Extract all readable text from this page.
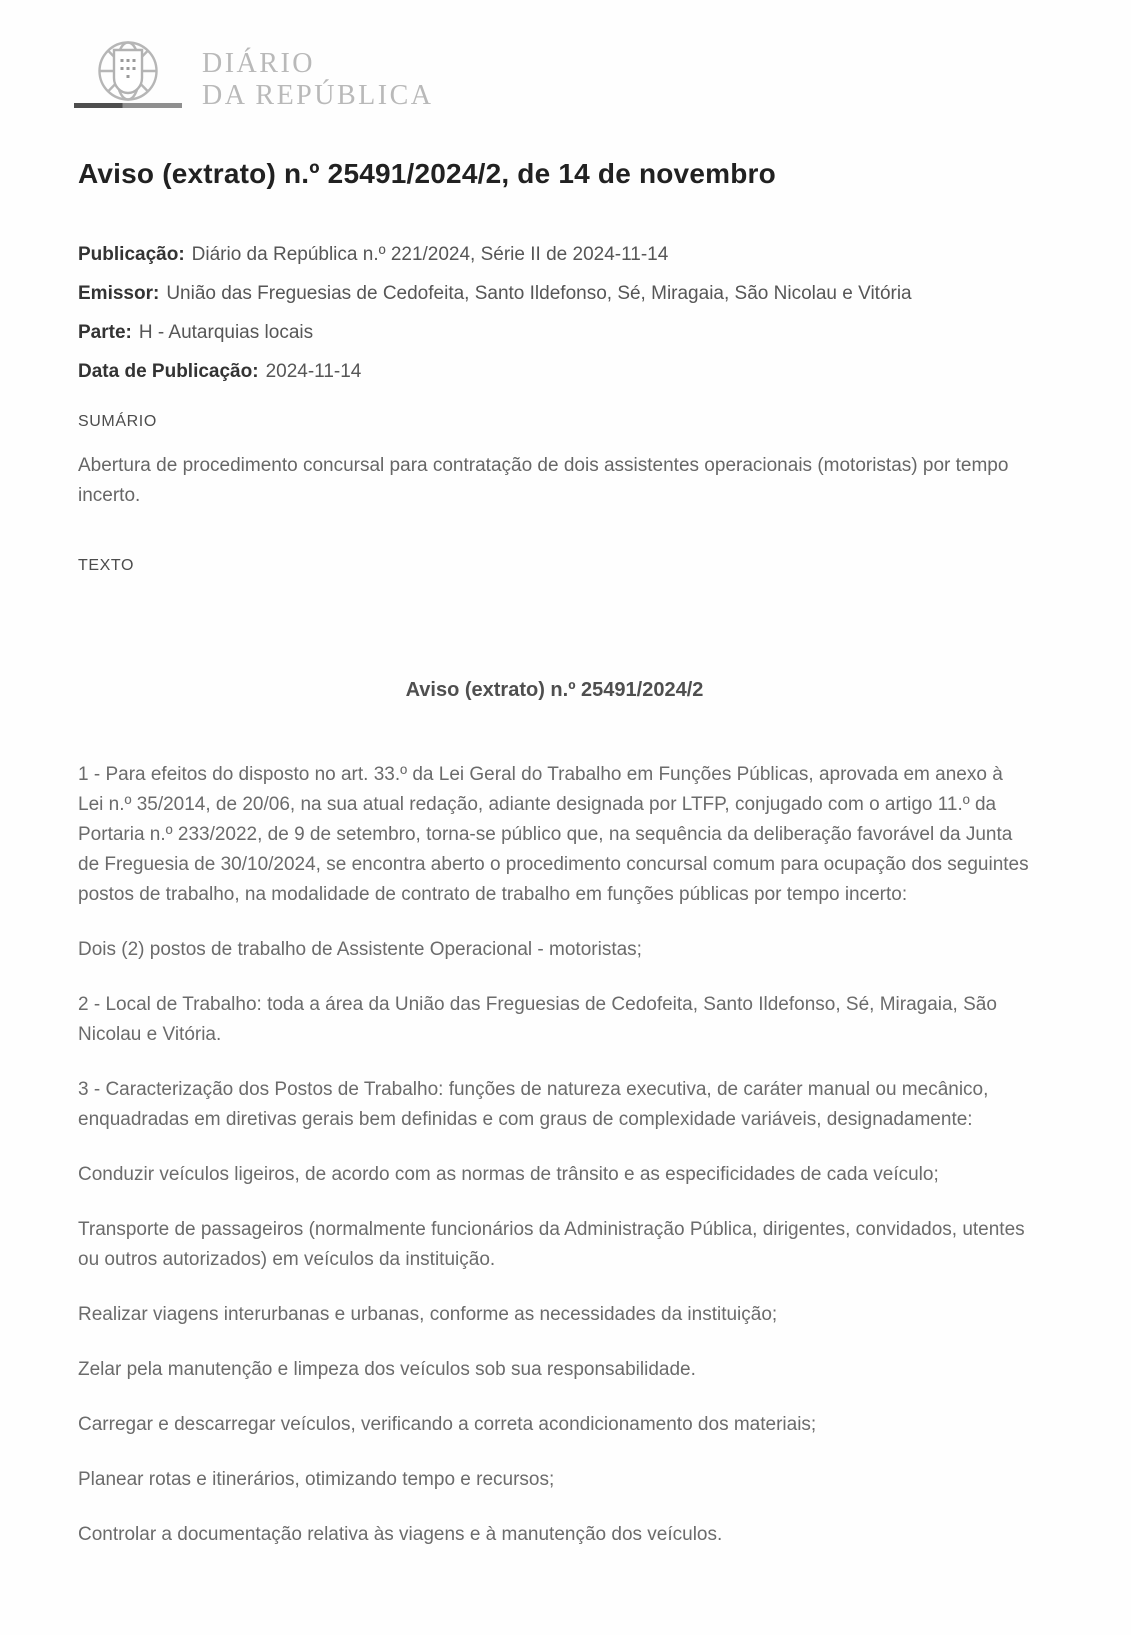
DIÁRIO
DA REPÚBLICA
Aviso (extrato) n.º 25491/2024/2, de 14 de novembro

Publicação: Diário da República n.º 221/2024, Série II de 2024-11-14

Emissor: União das Freguesias de Cedofeita, Santo Ildefonso, Sé, Miragaia, São Nicolau e Vitória

Parte: H - Autarquias locais

Data de Publicação: 2024-11-14

SUMÁRIO

Abertura de procedimento concursal para contratação de dois assistentes operacionais (motoristas) por tempo incerto.

TEXTO

Aviso (extrato) n.º 25491/2024/2

1 - Para efeitos do disposto no art. 33.º da Lei Geral do Trabalho em Funções Públicas, aprovada em anexo à Lei n.º 35/2014, de 20/06, na sua atual redação, adiante designada por LTFP, conjugado com o artigo 11.º da Portaria n.º 233/2022, de 9 de setembro, torna-se público que, na sequência da deliberação favorável da Junta de Freguesia de 30/10/2024, se encontra aberto o procedimento concursal comum para ocupação dos seguintes postos de trabalho, na modalidade de contrato de trabalho em funções públicas por tempo incerto:

Dois (2) postos de trabalho de Assistente Operacional - motoristas;

2 - Local de Trabalho: toda a área da União das Freguesias de Cedofeita, Santo Ildefonso, Sé, Miragaia, São Nicolau e Vitória.

3 - Caracterização dos Postos de Trabalho: funções de natureza executiva, de caráter manual ou mecânico, enquadradas em diretivas gerais bem definidas e com graus de complexidade variáveis, designadamente:

Conduzir veículos ligeiros, de acordo com as normas de trânsito e as especificidades de cada veículo;

Transporte de passageiros (normalmente funcionários da Administração Pública, dirigentes, convidados, utentes ou outros autorizados) em veículos da instituição.

Realizar viagens interurbanas e urbanas, conforme as necessidades da instituição;

Zelar pela manutenção e limpeza dos veículos sob sua responsabilidade.

Carregar e descarregar veículos, verificando a correta acondicionamento dos materiais;

Planear rotas e itinerários, otimizando tempo e recursos;

Controlar a documentação relativa às viagens e à manutenção dos veículos.
